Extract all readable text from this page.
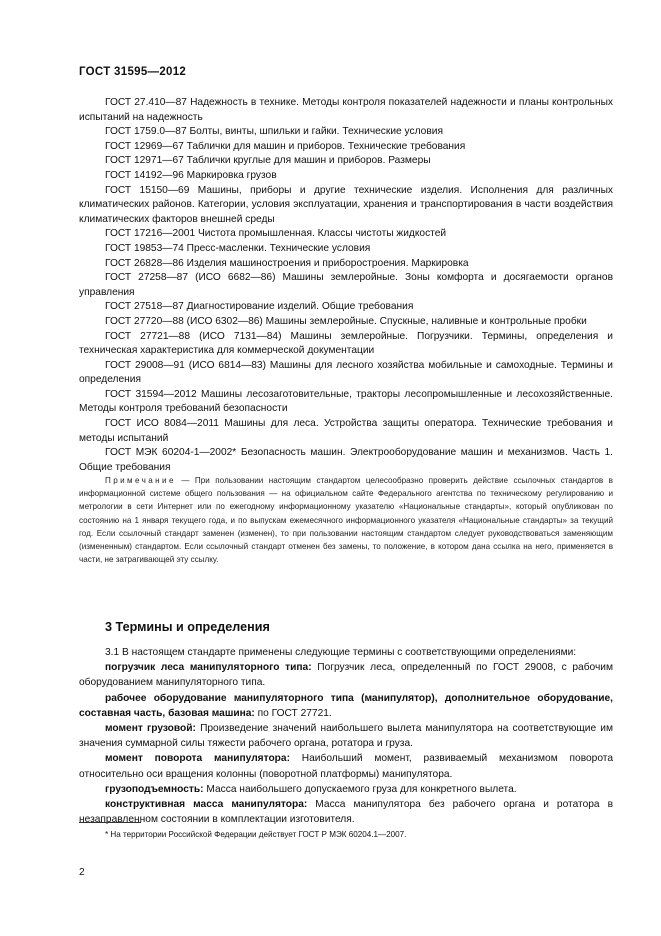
ГОСТ 31595—2012

ГОСТ 27.410—87 Надежность в технике. Методы контроля показателей надежности и планы контрольных испытаний на надежность

ГОСТ 1759.0—87 Болты, винты, шпильки и гайки. Технические условия

ГОСТ 12969—67 Таблички для машин и приборов. Технические требования

ГОСТ 12971—67 Таблички круглые для машин и приборов. Размеры

ГОСТ 14192—96 Маркировка грузов

ГОСТ 15150—69 Машины, приборы и другие технические изделия. Исполнения для различных климатических районов. Категории, условия эксплуатации, хранения и транспортирования в части воздействия климатических факторов внешней среды

ГОСТ 17216—2001 Чистота промышленная. Классы чистоты жидкостей

ГОСТ 19853—74 Пресс-масленки. Технические условия

ГОСТ 26828—86 Изделия машиностроения и приборостроения. Маркировка

ГОСТ 27258—87 (ИСО 6682—86) Машины землеройные. Зоны комфорта и досягаемости органов управления

ГОСТ 27518—87 Диагностирование изделий. Общие требования

ГОСТ 27720—88 (ИСО 6302—86) Машины землеройные. Спускные, наливные и контрольные пробки

ГОСТ 27721—88 (ИСО 7131—84) Машины землеройные. Погрузчики. Термины, определения и техническая характеристика для коммерческой документации

ГОСТ 29008—91 (ИСО 6814—83) Машины для лесного хозяйства мобильные и самоходные. Термины и определения

ГОСТ 31594—2012 Машины лесозаготовительные, тракторы лесопромышленные и лесохозяйственные. Методы контроля требований безопасности

ГОСТ ИСО 8084—2011 Машины для леса. Устройства защиты оператора. Технические требования и методы испытаний

ГОСТ МЭК 60204-1—2002* Безопасность машин. Электрооборудование машин и механизмов. Часть 1. Общие требования

Примечание — При пользовании настоящим стандартом целесообразно проверить действие ссылочных стандартов в информационной системе общего пользования — на официальном сайте Федерального агентства по техническому регулированию и метрологии в сети Интернет или по ежегодному информационному указателю «Национальные стандарты», который опубликован по состоянию на 1 января текущего года, и по выпускам ежемесячного информационного указателя «Национальные стандарты» за текущий год. Если ссылочный стандарт заменен (изменен), то при пользовании настоящим стандартом следует руководствоваться заменяющим (измененным) стандартом. Если ссылочный стандарт отменен без замены, то положение, в котором дана ссылка на него, применяется в части, не затрагивающей эту ссылку.

3 Термины и определения

3.1 В настоящем стандарте применены следующие термины с соответствующими определениями:

погрузчик леса манипуляторного типа: Погрузчик леса, определенный по ГОСТ 29008, с рабочим оборудованием манипуляторного типа.

рабочее оборудование манипуляторного типа (манипулятор), дополнительное оборудование, составная часть, базовая машина: по ГОСТ 27721.

момент грузовой: Произведение значений наибольшего вылета манипулятора на соответствующие им значения суммарной силы тяжести рабочего органа, ротатора и груза.

момент поворота манипулятора: Наибольший момент, развиваемый механизмом поворота относительно оси вращения колонны (поворотной платформы) манипулятора.

грузоподъемность: Масса наибольшего допускаемого груза для конкретного вылета.

конструктивная масса манипулятора: Масса манипулятора без рабочего органа и ротатора в незаправленном состоянии в комплектации изготовителя.

* На территории Российской Федерации действует ГОСТ Р МЭК 60204.1—2007.
2
